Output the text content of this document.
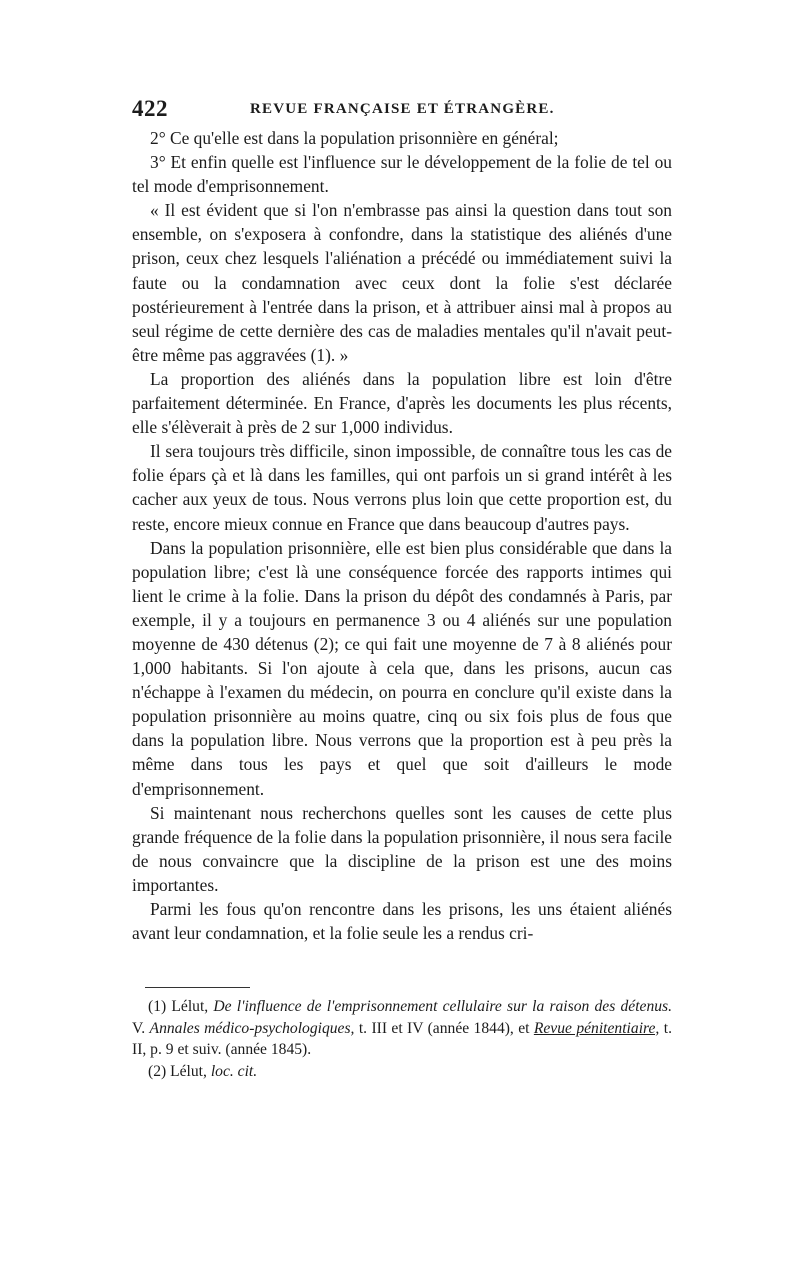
422	REVUE FRANÇAISE ET ÉTRANGÈRE.

2° Ce qu'elle est dans la population prisonnière en général;

3° Et enfin quelle est l'influence sur le développement de la folie de tel ou tel mode d'emprisonnement.

« Il est évident que si l'on n'embrasse pas ainsi la question dans tout son ensemble, on s'exposera à confondre, dans la statistique des aliénés d'une prison, ceux chez lesquels l'aliénation a précédé ou immédiatement suivi la faute ou la condamnation avec ceux dont la folie s'est déclarée postérieurement à l'entrée dans la prison, et à attribuer ainsi mal à propos au seul régime de cette dernière des cas de maladies mentales qu'il n'avait peut-être même pas aggravées (1). »

La proportion des aliénés dans la population libre est loin d'être parfaitement déterminée. En France, d'après les documents les plus récents, elle s'élèverait à près de 2 sur 1,000 individus.

Il sera toujours très difficile, sinon impossible, de connaître tous les cas de folie épars çà et là dans les familles, qui ont parfois un si grand intérêt à les cacher aux yeux de tous. Nous verrons plus loin que cette proportion est, du reste, encore mieux connue en France que dans beaucoup d'autres pays.

Dans la population prisonnière, elle est bien plus considérable que dans la population libre; c'est là une conséquence forcée des rapports intimes qui lient le crime à la folie. Dans la prison du dépôt des condamnés à Paris, par exemple, il y a toujours en permanence 3 ou 4 aliénés sur une population moyenne de 430 détenus (2); ce qui fait une moyenne de 7 à 8 aliénés pour 1,000 habitants. Si l'on ajoute à cela que, dans les prisons, aucun cas n'échappe à l'examen du médecin, on pourra en conclure qu'il existe dans la population prisonnière au moins quatre, cinq ou six fois plus de fous que dans la population libre. Nous verrons que la proportion est à peu près la même dans tous les pays et quel que soit d'ailleurs le mode d'emprisonnement.

Si maintenant nous recherchons quelles sont les causes de cette plus grande fréquence de la folie dans la population prisonnière, il nous sera facile de nous convaincre que la discipline de la prison est une des moins importantes.

Parmi les fous qu'on rencontre dans les prisons, les uns étaient aliénés avant leur condamnation, et la folie seule les a rendus cri-

(1) Lélut, De l'influence de l'emprisonnement cellulaire sur la raison des détenus. V. Annales médico-psychologiques, t. III et IV (année 1844), et Revue pénitentiaire, t. II, p. 9 et suiv. (année 1845).

(2) Lélut, loc. cit.
